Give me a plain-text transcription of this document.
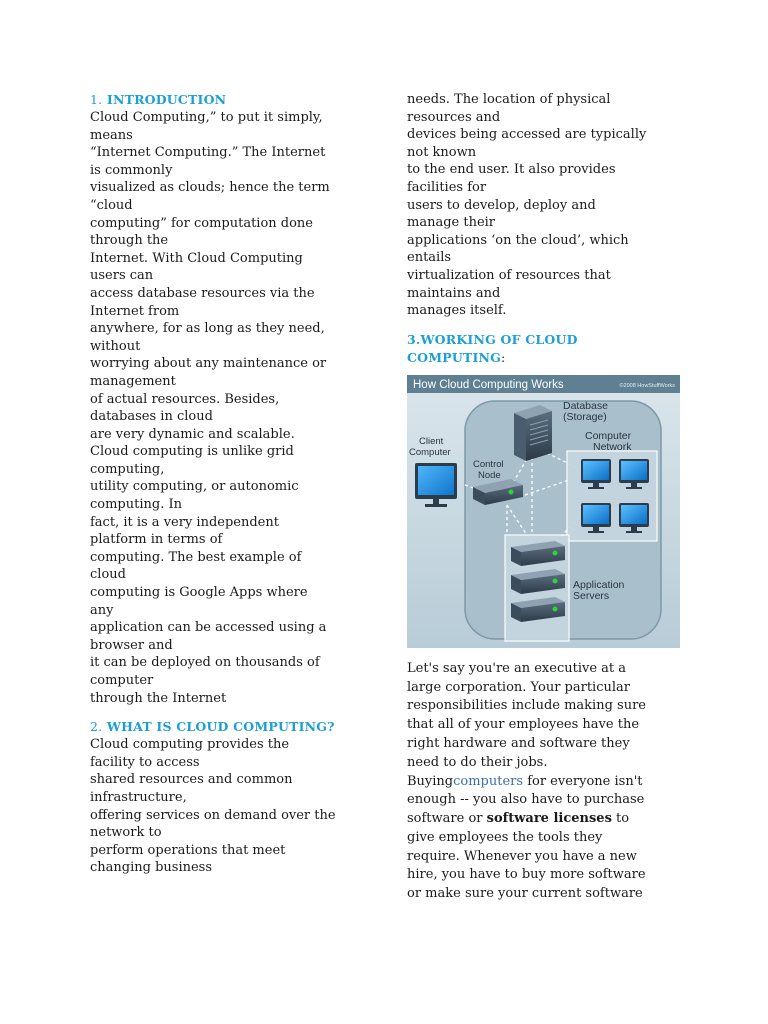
1. INTRODUCTION

Cloud Computing,” to put it simply,

means

“Internet Computing.” The Internet

is commonly

visualized as clouds; hence the term

“cloud

computing” for computation done

through the

Internet. With Cloud Computing

users can

access database resources via the

Internet from

anywhere, for as long as they need,

without

worrying about any maintenance or

management

of actual resources. Besides,

databases in cloud

are very dynamic and scalable.

Cloud computing is unlike grid

computing,

utility computing, or autonomic

computing. In

fact, it is a very independent

platform in terms of

computing. The best example of

cloud

computing is Google Apps where

any

application can be accessed using a

browser and

it can be deployed on thousands of

computer

through the Internet

2. WHAT IS CLOUD COMPUTING?

Cloud computing provides the

facility to access

shared resources and common

infrastructure,

offering services on demand over the

network to

perform operations that meet

changing business

needs. The location of physical

resources and

devices being accessed are typically

not known

to the end user. It also provides

facilities for

users to develop, deploy and

manage their

applications ‘on the cloud’, which

entails

virtualization of resources that

maintains and

manages itself.

3.WORKING OF CLOUD

COMPUTING:

How Cloud Computing Works	©2008 HowStuffWorks
Database
(Storage)
Client
Computer
Control
Node
Computer
Network
Application
Servers

Let's say you're an executive at a

large corporation. Your particular

responsibilities include making sure

that all of your employees have the

right hardware and software they

need to do their jobs.

Buyingcomputers for everyone isn't

enough -- you also have to purchase

software or software licenses to

give employees the tools they

require. Whenever you have a new

hire, you have to buy more software

or make sure your current software
